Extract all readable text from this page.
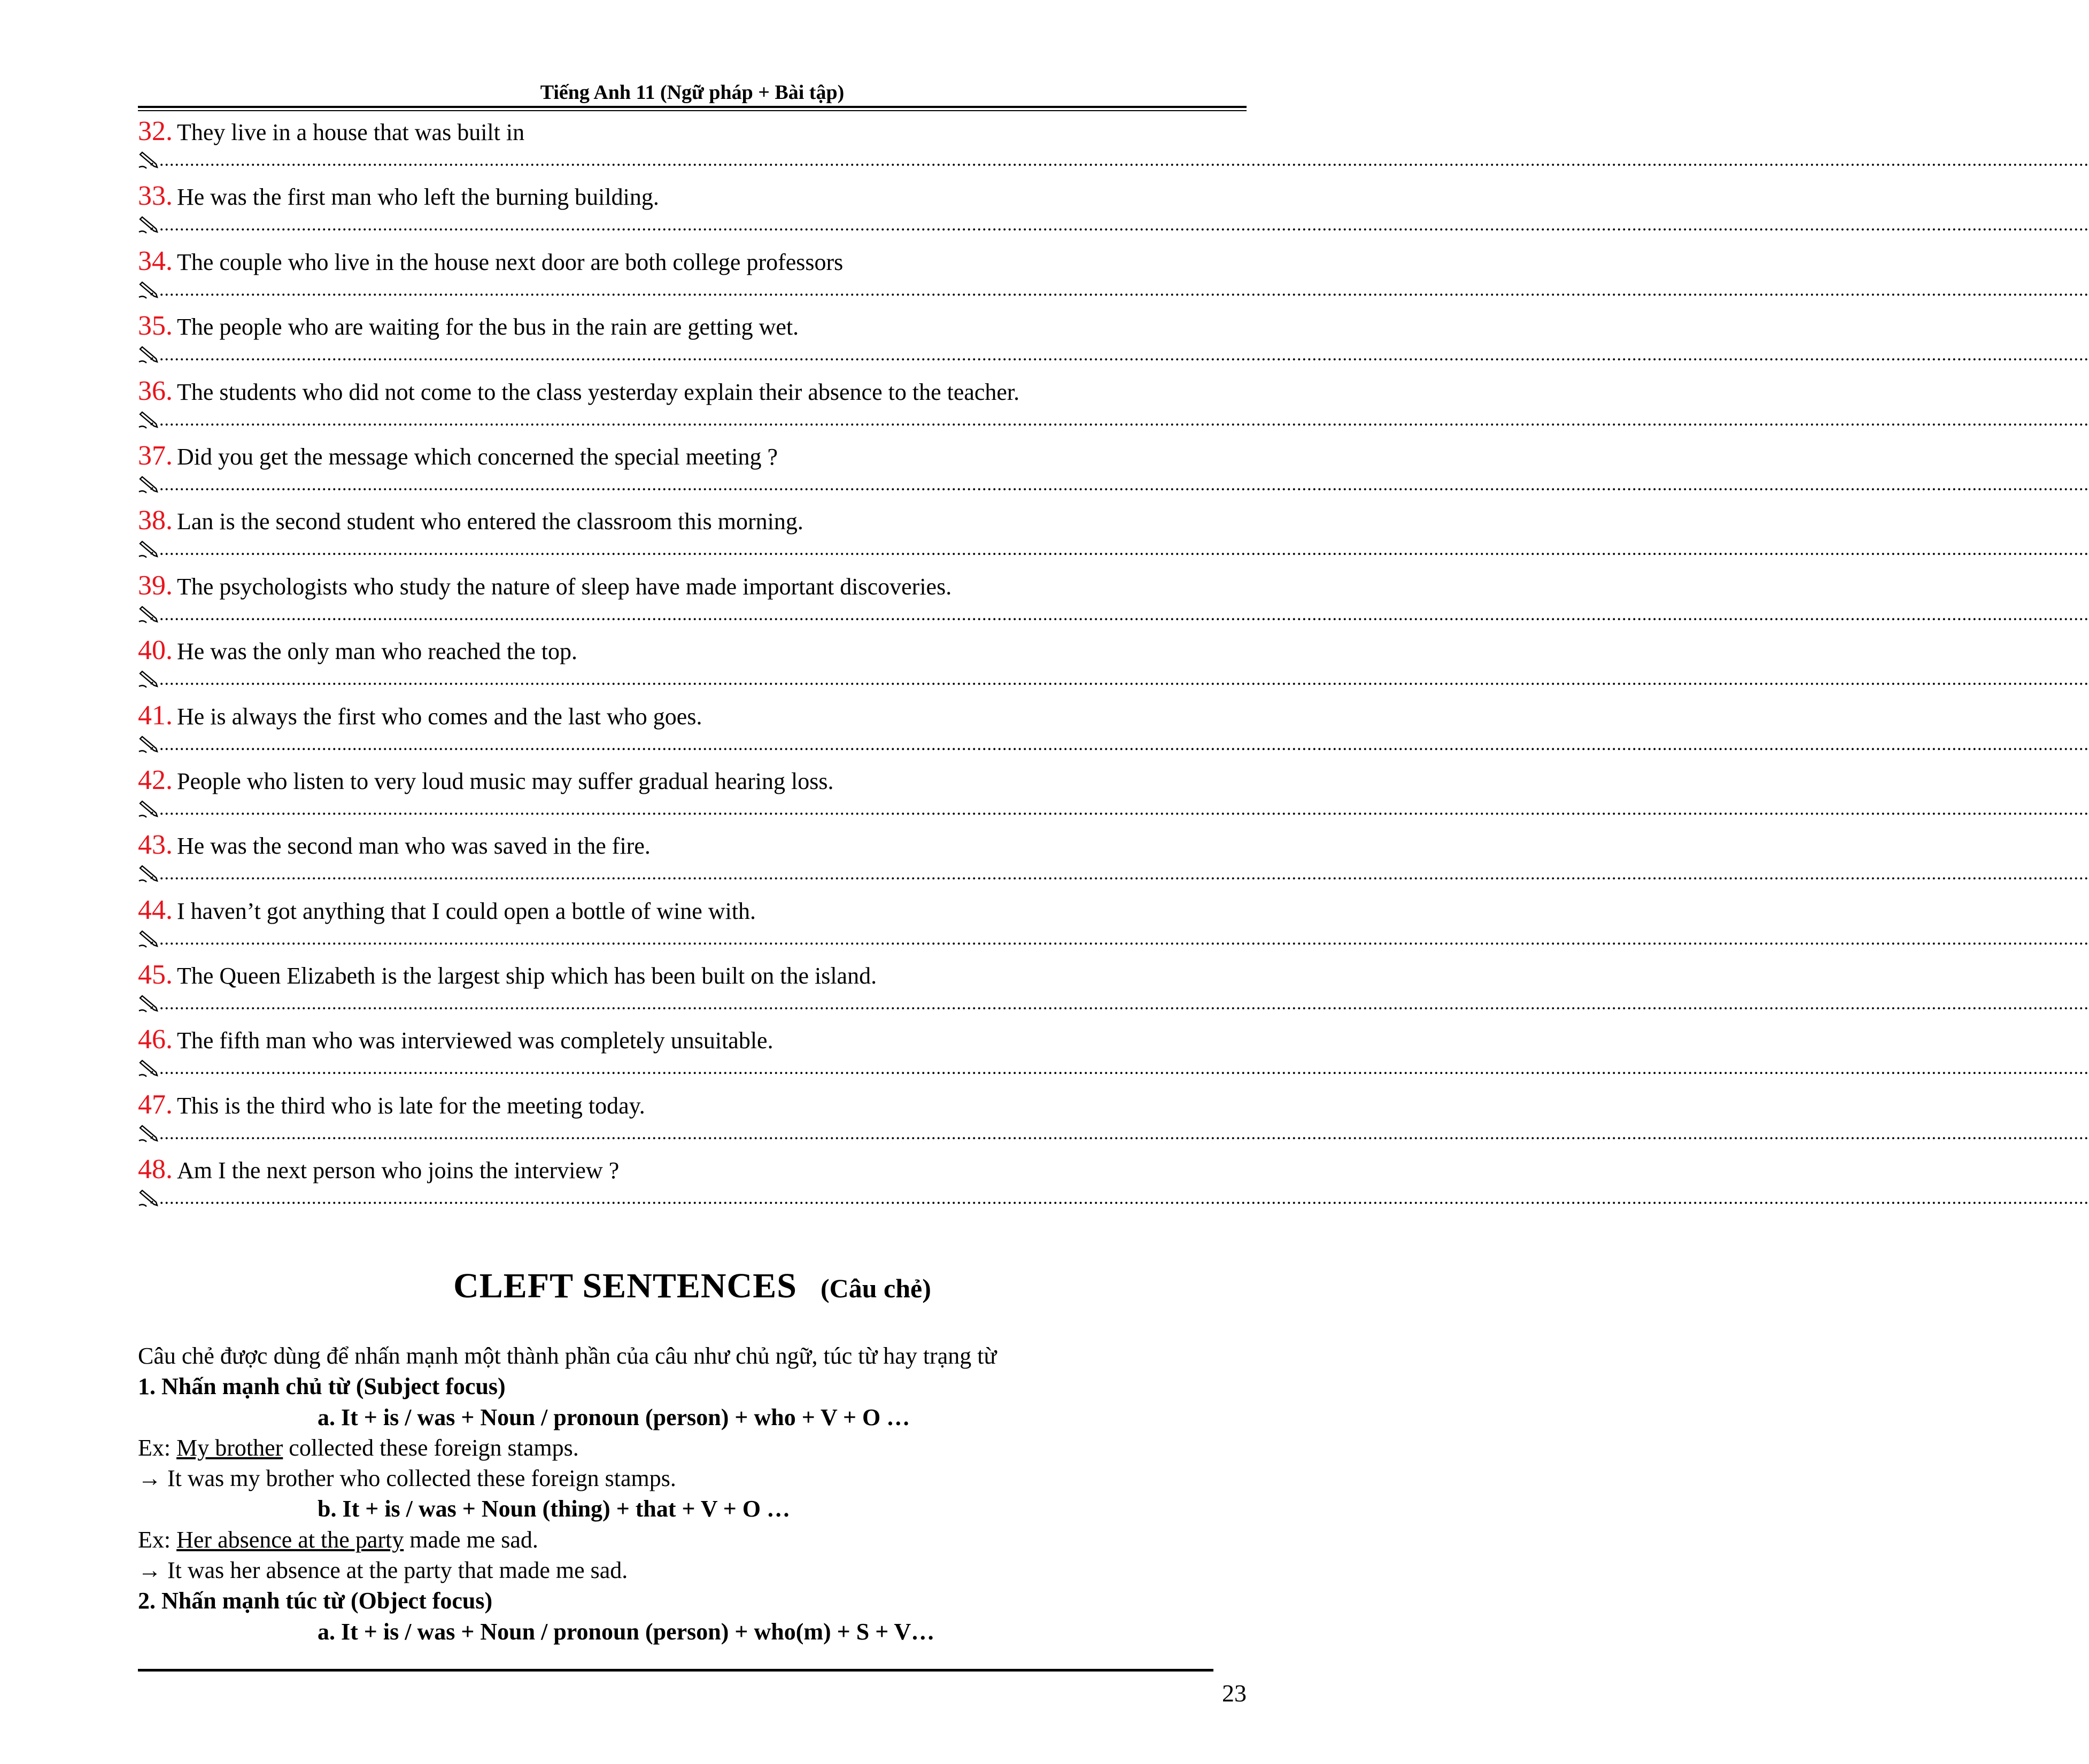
Tiếng Anh 11 (Ngữ pháp + Bài tập)
32. They live in a house that was built in
............................................................................................................................................................................................................................................................................................................................................................................................
33. He was the first man who left the burning building.
............................................................................................................................................................................................................................................................................................................................................................................................
34. The couple who live in the house next door are both college professors
............................................................................................................................................................................................................................................................................................................................................................................................
35. The people who are waiting for the bus in the rain are getting wet.
............................................................................................................................................................................................................................................................................................................................................................................................
36. The students who did not come to the class yesterday explain their absence to the teacher.
............................................................................................................................................................................................................................................................................................................................................................................................
37. Did you get the message which concerned the special meeting ?
............................................................................................................................................................................................................................................................................................................................................................................................
38. Lan is the second student who entered the classroom this morning.
............................................................................................................................................................................................................................................................................................................................................................................................
39. The psychologists who study the nature of sleep have made important discoveries.
............................................................................................................................................................................................................................................................................................................................................................................................
40. He was the only man who reached the top.
............................................................................................................................................................................................................................................................................................................................................................................................
41. He is always the first who comes and the last who goes.
............................................................................................................................................................................................................................................................................................................................................................................................
42. People who listen to very loud music may suffer gradual hearing loss.
............................................................................................................................................................................................................................................................................................................................................................................................
43. He was the second man who was saved in the fire.
............................................................................................................................................................................................................................................................................................................................................................................................
44. I haven’t got anything that I could open a bottle of wine with.
............................................................................................................................................................................................................................................................................................................................................................................................
45. The Queen Elizabeth is the largest ship which has been built on the island.
............................................................................................................................................................................................................................................................................................................................................................................................
46. The fifth man who was interviewed was completely unsuitable.
............................................................................................................................................................................................................................................................................................................................................................................................
47. This is the third who is late for the meeting today.
............................................................................................................................................................................................................................................................................................................................................................................................
48. Am I the next person who joins the interview ?
............................................................................................................................................................................................................................................................................................................................................................................................
CLEFT SENTENCES (Câu chẻ)
Câu chẻ được dùng để nhấn mạnh một thành phần của câu như chủ ngữ, túc từ hay trạng từ
1. Nhấn mạnh chủ từ (Subject focus)
a. It + is / was + Noun / pronoun (person) + who + V + O …
Ex: My brother collected these foreign stamps.
→ It was my brother who collected these foreign stamps.
b. It + is / was + Noun (thing) + that + V + O …
Ex: Her absence at the party made me sad.
→ It was her absence at the party that made me sad.
2. Nhấn mạnh túc từ (Object focus)
a. It + is / was + Noun / pronoun (person) + who(m) + S + V…
23
